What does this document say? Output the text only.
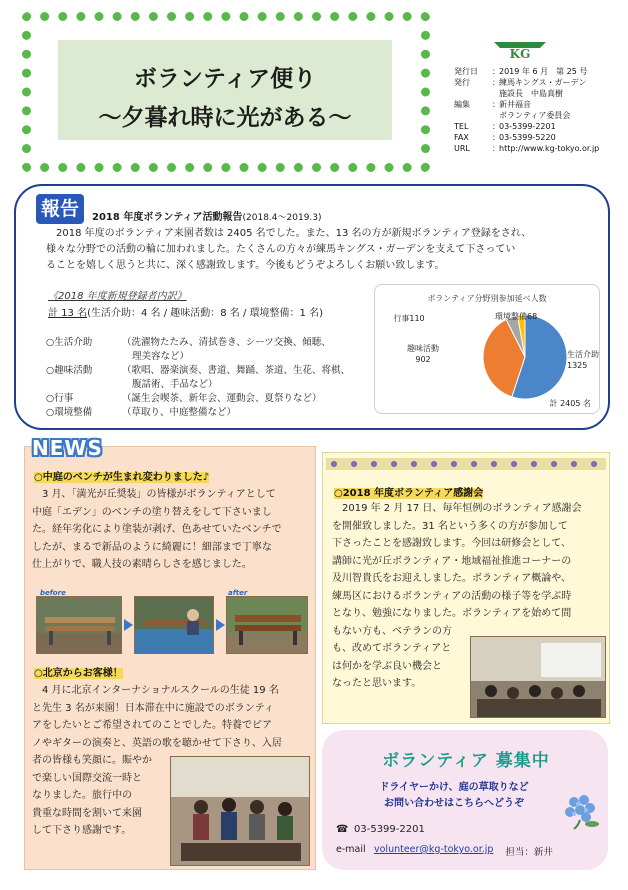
ボランティア便り
〜夕暮れ時に光がある〜
KG
発行日	： 2019 年 6 月　第 25 号
発行	： 練馬キングス・ガーデン

施設長　中島真樹
編集	： 新井福音

ボランティア委員会
TEL	： 03-5399-2201
FAX	： 03-5399-5220
URL	： http://www.kg-tokyo.or.jp
報告	2018 年度ボランティア活動報告(2018.4〜2019.3)
2018 年度のボランティア来園者数は 2405 名でした。また、13 名の方が新規ボランティア登録をされ、
様々な分野での活動の輪に加われました。たくさんの方々が練馬キングス・ガーデンを支えて下さってい
ることを嬉しく思うと共に、深く感謝致します。今後もどうぞよろしくお願い致します。
《2018 年度新規登録者内訳》
計 13 名(生活介助：4 名 / 趣味活動：8 名 / 環境整備：1 名)
○生活介助	（洗濯物たたみ、清拭巻き、シーツ交換、傾聴、
理美容など）
○趣味活動	（歌唱、器楽演奏、書道、舞踊、茶道、生花、将棋、
腹話術、手品など）
○行事	（誕生会喫茶、新年会、運動会、夏祭りなど）
○環境整備	（草取り、中庭整備など）
ボランティア分野別参加延べ人数
生活介助 1325
趣味活動 902
行事110	環境整備68
計 2405 名
NEWS
○中庭のベンチが生まれ変わりました♪
3 月、「満光が丘奨装」の皆様がボランティアとして
中庭「エデン」のベンチの塗り替えをして下さいまし
た。経年劣化により塗装が剥げ、色あせていたベンチで
したが、まるで新品のように綺麗に！細部まで丁寧な
仕上がりで、職人技の素晴らしさを感じました。
before	after
○北京からお客様！
4 月に北京インターナショナルスクールの生徒 19 名
と先生 3 名が来園！日本滞在中に施設でのボランティ
アをしたいとご希望されてのことでした。特養でピア
ノやギターの演奏と、英語の歌を聴かせて下さり、入居
者の皆様も笑顔に。賑やか
で楽しい国際交流一時と
なりました。旅行中の
貴重な時間を割いて来園
して下さり感謝です。
○2018 年度ボランティア感謝会
2019 年 2 月 17 日、毎年恒例のボランティア感謝会
を開催致しました。31 名という多くの方が参加して
下さったことを感謝致します。今回は研修会として、
講師に光が丘ボランティア・地域福祉推進コーナーの
及川智貴氏をお迎えしました。ボランティア概論や、
練馬区におけるボランティアの活動の様子等を学ぶ時
となり、勉強になりました。ボランティアを始めて間
もない方も、ベテランの方
も、改めてボランティアと
は何かを学ぶ良い機会と
なったと思います。
ボランティア 募集中
ドライヤーかけ、庭の草取りなど
お問い合わせはこちらへどうぞ
☎ 03-5399-2201
e-mail volunteer@kg-tokyo.or.jp 担当：新井
